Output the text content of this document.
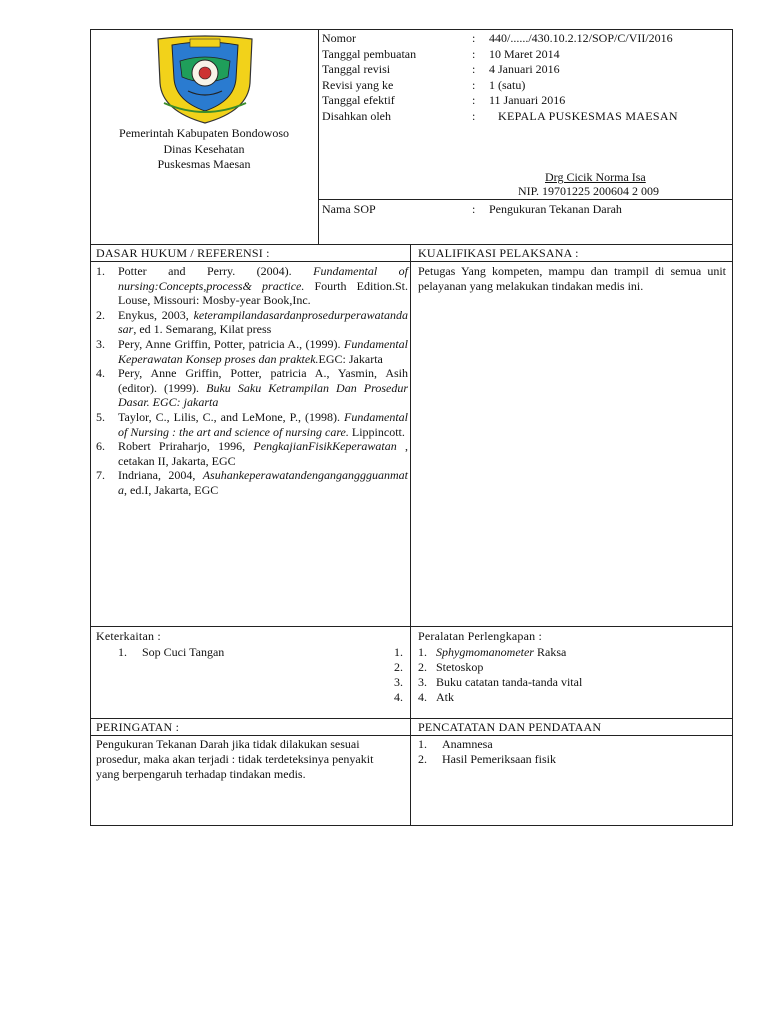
Pemerintah Kabupaten Bondowoso
Dinas Kesehatan
Puskesmas Maesan
Nomor	:	440/....../430.10.2.12/SOP/C/VII/2016
Tanggal pembuatan	:	10 Maret 2014
Tanggal revisi	:	4 Januari 2016
Revisi yang ke	:	1 (satu)
Tanggal efektif	:	11 Januari 2016
Disahkan oleh	:	KEPALA PUSKESMAS MAESAN
Drg Cicik Norma Isa
NIP. 19701225 200604 2 009
Nama SOP	:	Pengukuran Tekanan Darah
DASAR HUKUM / REFERENSI :
1.	Potter and Perry. (2004). Fundamental of nursing:Concepts,process& practice. Fourth Edition.St. Louse, Missouri: Mosby-year Book,Inc.
2.	Enykus, 2003, keterampilandasardanprosedurperawatandasar, ed 1. Semarang, Kilat press
3.	Pery, Anne Griffin, Potter, patricia A., (1999). Fundamental Keperawatan Konsep proses dan praktek.EGC: Jakarta
4.	Pery, Anne Griffin, Potter, patricia A., Yasmin, Asih (editor). (1999). Buku Saku Ketrampilan Dan Prosedur Dasar. EGC: jakarta
5.	Taylor, C., Lilis, C., and LeMone, P., (1998). Fundamental of Nursing : the art and science of nursing care. Lippincott.
6.	Robert Priraharjo, 1996, PengkajianFisikKeperawatan , cetakan II, Jakarta, EGC
7.	Indriana, 2004, Asuhankeperawatandenganganggguanmata, ed.I, Jakarta, EGC
KUALIFIKASI PELAKSANA :
Petugas Yang kompeten, mampu dan trampil di semua unit pelayanan yang melakukan tindakan medis ini.
Keterkaitan :
1.	Sop Cuci Tangan	1.
2.
3.
4.
Peralatan Perlengkapan :
1. Sphygmomanometer Raksa
2. Stetoskop
3. Buku catatan tanda-tanda vital
4. Atk
PERINGATAN :
Pengukuran Tekanan Darah jika tidak dilakukan sesuai prosedur, maka akan terjadi : tidak terdeteksinya penyakit yang berpengaruh terhadap tindakan medis.
PENCATATAN DAN PENDATAAN
1.	Anamnesa
2.	Hasil Pemeriksaan fisik
